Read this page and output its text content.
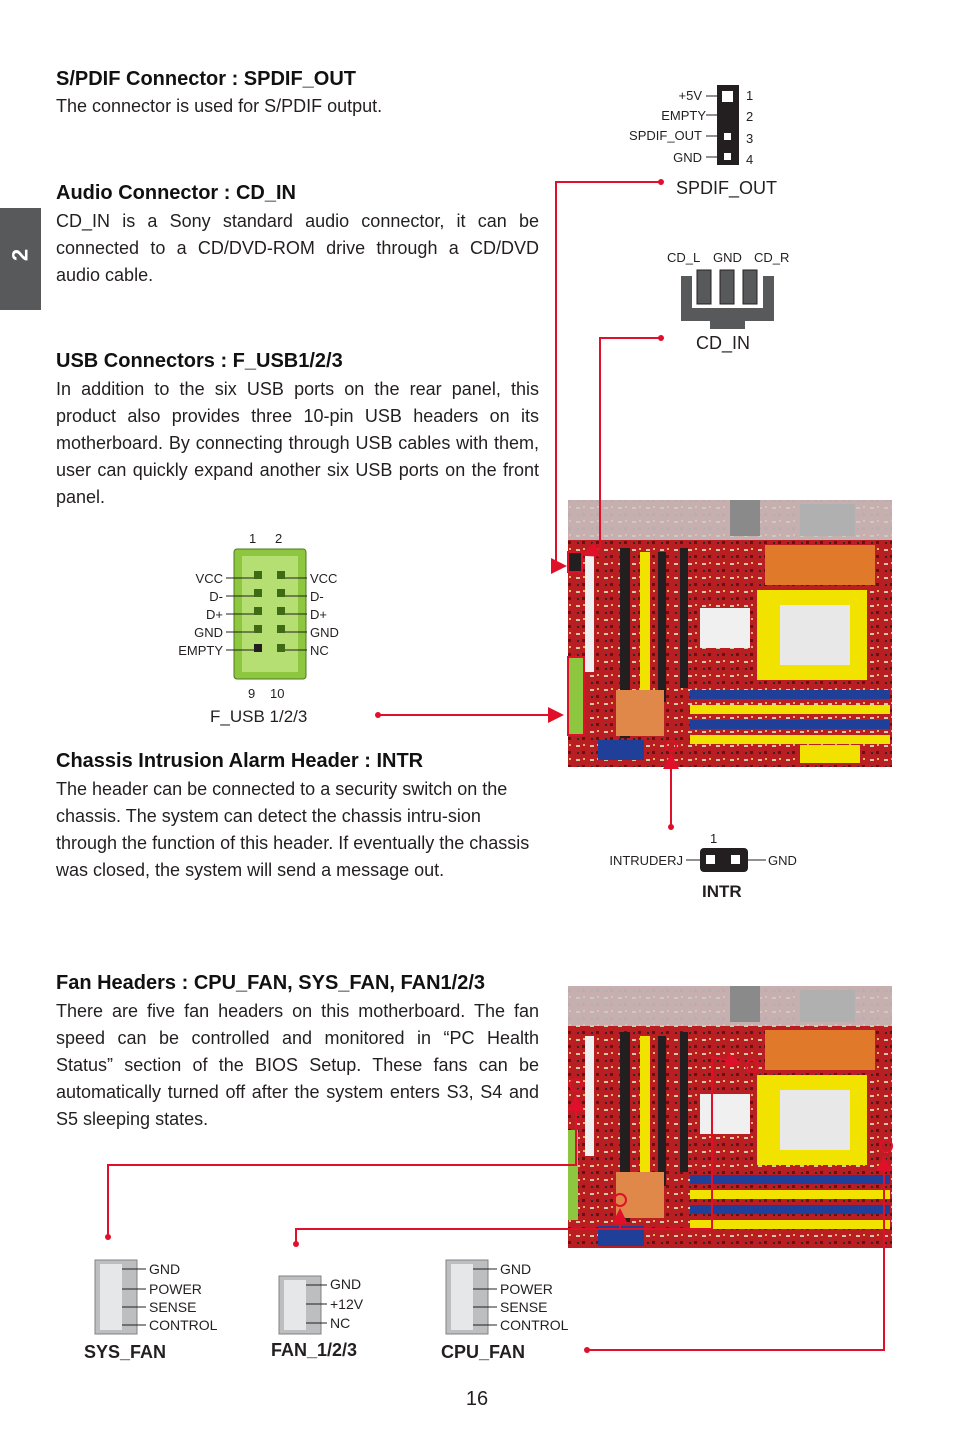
2
S/PDIF Connector : SPDIF_OUT

The connector is used for S/PDIF output.

Audio Connector : CD_IN

CD_IN is a Sony standard audio connector, it can be connected to a CD/DVD-ROM drive through a CD/DVD audio cable.

USB Connectors : F_USB1/2/3

In addition to the six USB ports on the rear panel, this product also provides three 10-pin USB headers on its motherboard. By connecting through USB cables with them, user can quickly expand another six USB ports on the front panel.

Chassis Intrusion Alarm Header : INTR

The header can be connected to a security switch on the chassis. The system can detect the chassis intru-sion through the function of this header. If eventually the chassis was closed, the system will send a message out.

Fan Headers : CPU_FAN, SYS_FAN, FAN1/2/3

There are five fan headers on this motherboard. The fan speed can be controlled and monitored in “PC Health Status” section of the BIOS Setup. These fans can be automatically turned off after the system enters S3, S4 and S5 sleeping states.

16
+5V
EMPTY
SPDIF_OUT
GND
1
2
3
4
SPDIF_OUT
CD_L GND CD_R
CD_IN
1 2
VCC
D-
D+
GND
EMPTY
VCC
D-
D+
GND
NC
9 10
F_USB 1/2/3
1
INTRUDERJ	GND
INTR
GND
POWER
SENSE
CONTROL
SYS_FAN
GND
+12V
NC
FAN_1/2/3
GND
POWER
SENSE
CONTROL
CPU_FAN
